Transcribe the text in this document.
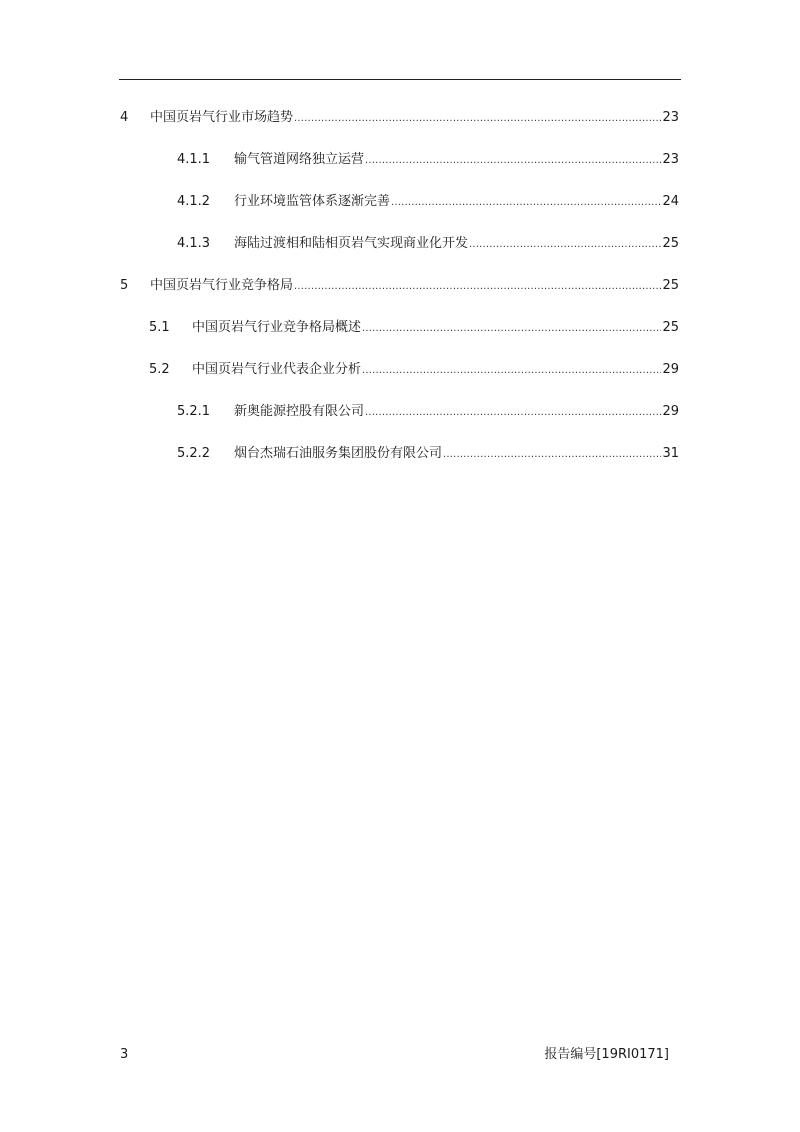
4 中国页岩气行业市场趋势 .....	23
4.1.1 输气管道网络独立运营 .....	23
4.1.2 行业环境监管体系逐渐完善 .....	24
4.1.3 海陆过渡相和陆相页岩气实现商业化开发 .....	25
5 中国页岩气行业竞争格局 .....	25
5.1 中国页岩气行业竞争格局概述 .....	25
5.2 中国页岩气行业代表企业分析 .....	29
5.2.1 新奥能源控股有限公司 .....	29
5.2.2 烟台杰瑞石油服务集团股份有限公司 .....	31
3	报告编号[19RI0171]
